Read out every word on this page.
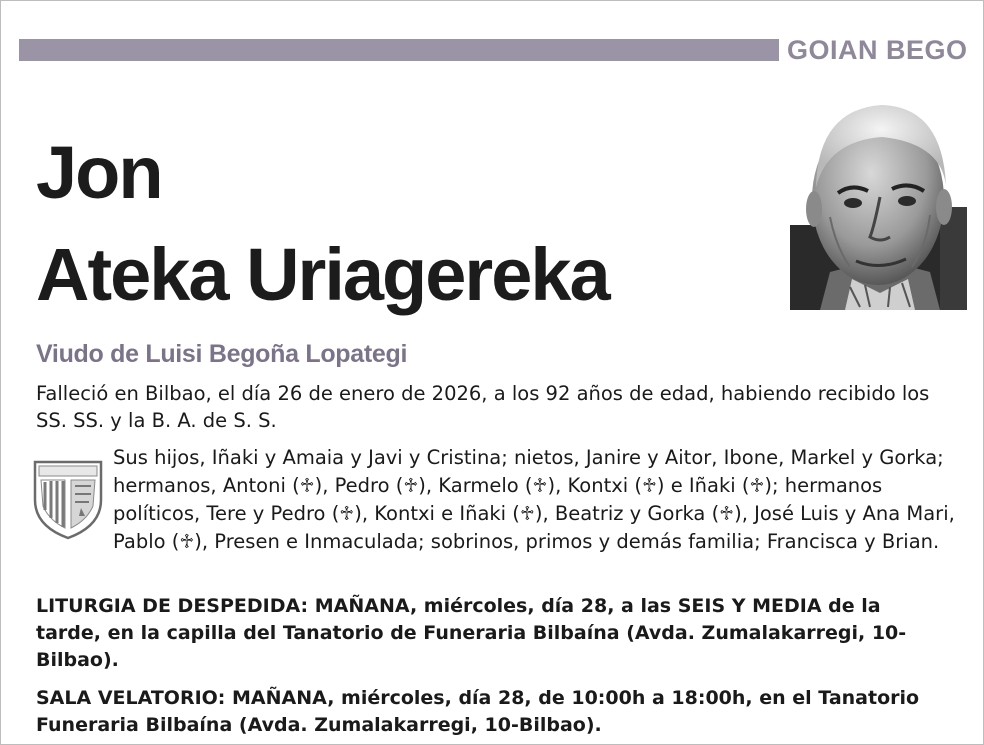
GOIAN BEGO
Jon
Ateka Uriagereka
Viudo de Luisi Begoña Lopategi
Falleció en Bilbao, el día 26 de enero de 2026, a los 92 años de edad, habiendo recibido los SS. SS. y la B. A. de S. S.
Sus hijos, Iñaki y Amaia y Javi y Cristina; nietos, Janire y Aitor, Ibone, Markel y Gorka; hermanos, Antoni (♱), Pedro (♱), Karmelo (♱), Kontxi (♱) e Iñaki (♱); hermanos políticos, Tere y Pedro (♱), Kontxi e Iñaki (♱), Beatriz y Gorka (♱), José Luis y Ana Mari, Pablo (♱), Presen e Inmaculada; sobrinos, primos y demás familia; Francisca y Brian.
LITURGIA DE DESPEDIDA: MAÑANA, miércoles, día 28, a las SEIS Y MEDIA de la tarde, en la capilla del Tanatorio de Funeraria Bilbaína (Avda. Zumalakarregi, 10-Bilbao).
SALA VELATORIO: MAÑANA, miércoles, día 28, de 10:00h a 18:00h, en el Tanatorio Funeraria Bilbaína (Avda. Zumalakarregi, 10-Bilbao).
